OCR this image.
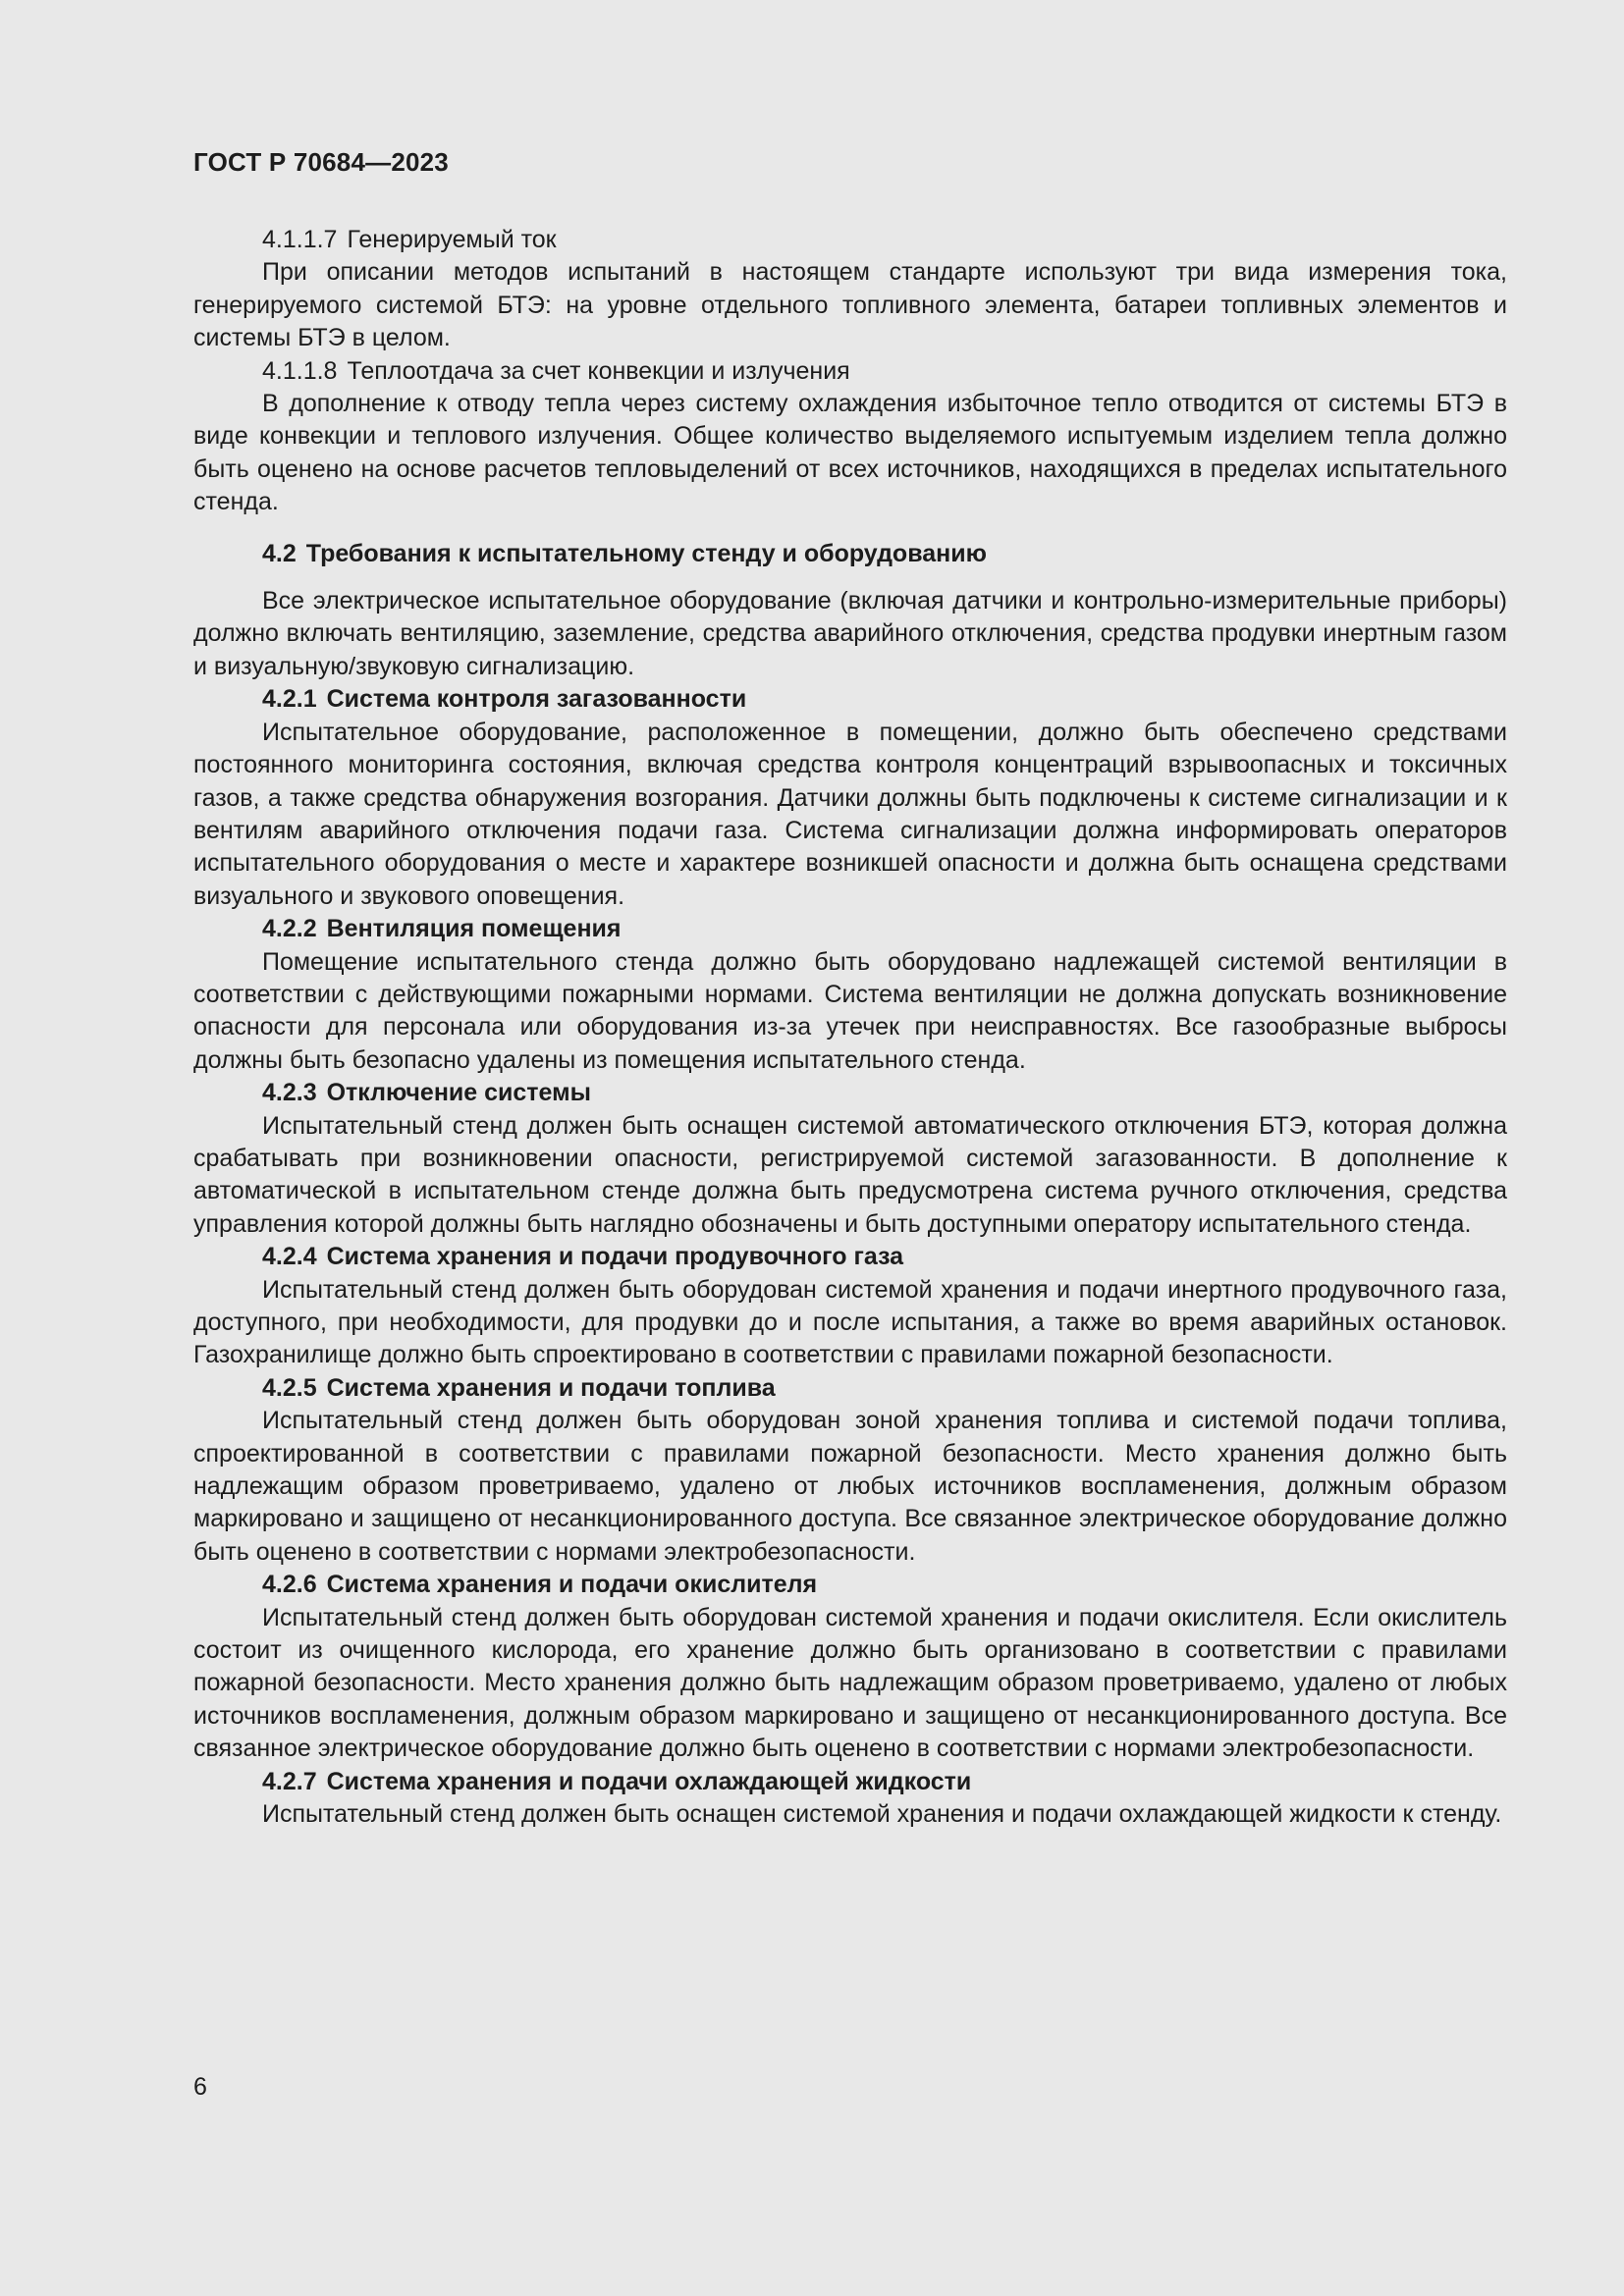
ГОСТ Р 70684—2023
4.1.1.7 Генерируемый ток

При описании методов испытаний в настоящем стандарте используют три вида измерения тока, генерируемого системой БТЭ: на уровне отдельного топливного элемента, батареи топливных элементов и системы БТЭ в целом.

4.1.1.8 Теплоотдача за счет конвекции и излучения

В дополнение к отводу тепла через систему охлаждения избыточное тепло отводится от системы БТЭ в виде конвекции и теплового излучения. Общее количество выделяемого испытуемым изделием тепла должно быть оценено на основе расчетов тепловыделений от всех источников, находящихся в пределах испытательного стенда.

4.2 Требования к испытательному стенду и оборудованию

Все электрическое испытательное оборудование (включая датчики и контрольно-измерительные приборы) должно включать вентиляцию, заземление, средства аварийного отключения, средства продувки инертным газом и визуальную/звуковую сигнализацию.

4.2.1 Система контроля загазованности

Испытательное оборудование, расположенное в помещении, должно быть обеспечено средствами постоянного мониторинга состояния, включая средства контроля концентраций взрывоопасных и токсичных газов, а также средства обнаружения возгорания. Датчики должны быть подключены к системе сигнализации и к вентилям аварийного отключения подачи газа. Система сигнализации должна информировать операторов испытательного оборудования о месте и характере возникшей опасности и должна быть оснащена средствами визуального и звукового оповещения.

4.2.2 Вентиляция помещения

Помещение испытательного стенда должно быть оборудовано надлежащей системой вентиляции в соответствии с действующими пожарными нормами. Система вентиляции не должна допускать возникновение опасности для персонала или оборудования из-за утечек при неисправностях. Все газообразные выбросы должны быть безопасно удалены из помещения испытательного стенда.

4.2.3 Отключение системы

Испытательный стенд должен быть оснащен системой автоматического отключения БТЭ, которая должна срабатывать при возникновении опасности, регистрируемой системой загазованности. В дополнение к автоматической в испытательном стенде должна быть предусмотрена система ручного отключения, средства управления которой должны быть наглядно обозначены и быть доступными оператору испытательного стенда.

4.2.4 Система хранения и подачи продувочного газа

Испытательный стенд должен быть оборудован системой хранения и подачи инертного продувочного газа, доступного, при необходимости, для продувки до и после испытания, а также во время аварийных остановок. Газохранилище должно быть спроектировано в соответствии с правилами пожарной безопасности.

4.2.5 Система хранения и подачи топлива

Испытательный стенд должен быть оборудован зоной хранения топлива и системой подачи топлива, спроектированной в соответствии с правилами пожарной безопасности. Место хранения должно быть надлежащим образом проветриваемо, удалено от любых источников воспламенения, должным образом маркировано и защищено от несанкционированного доступа. Все связанное электрическое оборудование должно быть оценено в соответствии с нормами электробезопасности.

4.2.6 Система хранения и подачи окислителя

Испытательный стенд должен быть оборудован системой хранения и подачи окислителя. Если окислитель состоит из очищенного кислорода, его хранение должно быть организовано в соответствии с правилами пожарной безопасности. Место хранения должно быть надлежащим образом проветриваемо, удалено от любых источников воспламенения, должным образом маркировано и защищено от несанкционированного доступа. Все связанное электрическое оборудование должно быть оценено в соответствии с нормами электробезопасности.

4.2.7 Система хранения и подачи охлаждающей жидкости

Испытательный стенд должен быть оснащен системой хранения и подачи охлаждающей жидкости к стенду.

6
